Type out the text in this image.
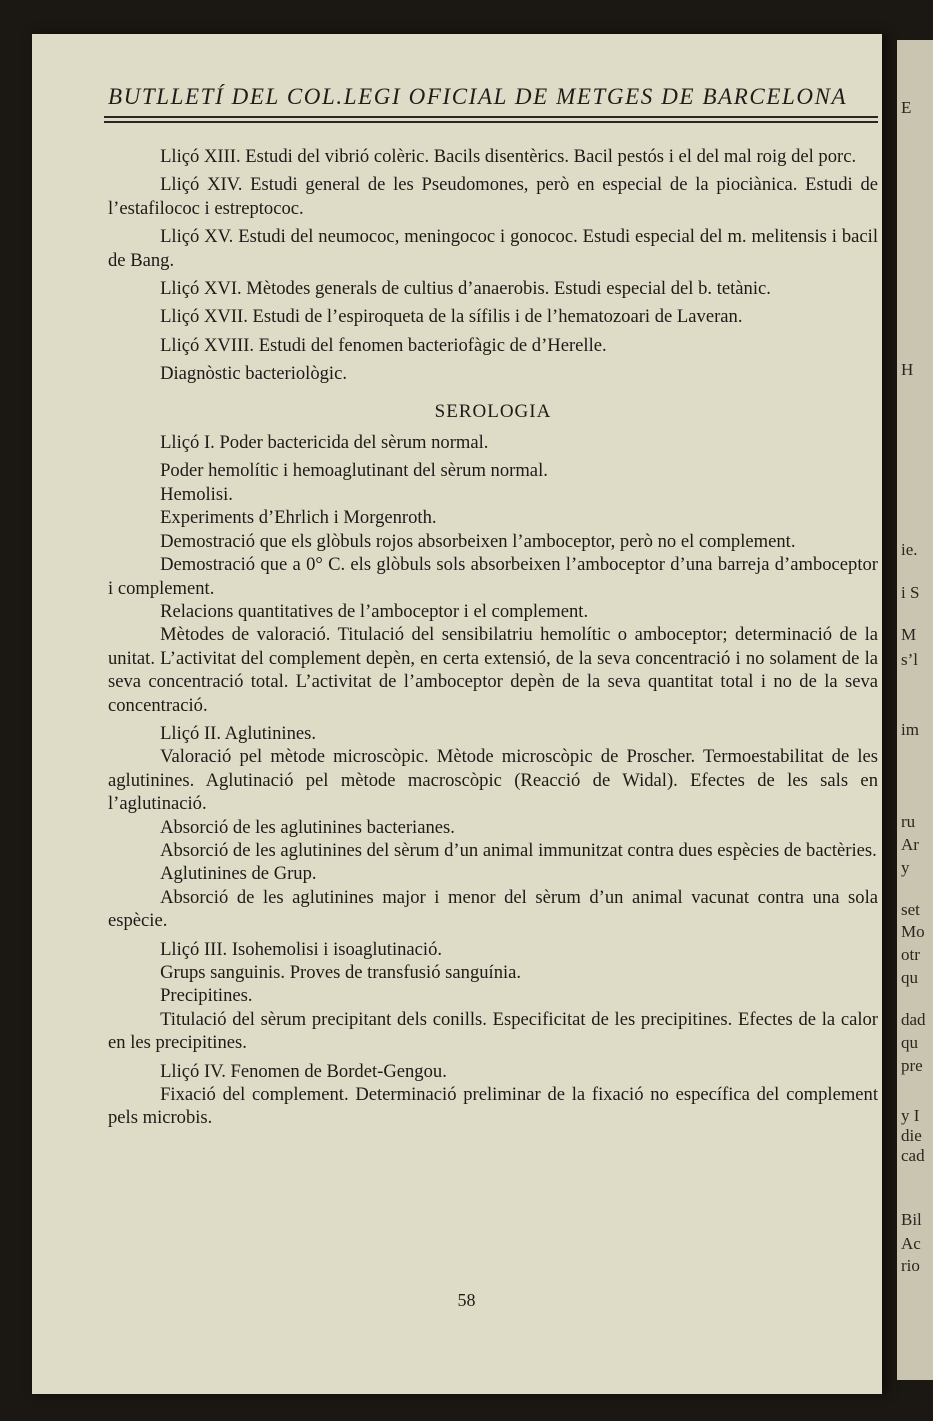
E
H
ie.
i S
M
s’l
im
ru
Ar
y
set
Mo
otr
qu
dad
qu
pre
y I
die
cad
Bil
Ac
rio
BUTLLETÍ DEL COL.LEGI OFICIAL DE METGES DE BARCELONA

Lliçó XIII. Estudi del vibrió colèric. Bacils disentèrics. Bacil pestós i el del mal roig del porc.

Lliçó XIV. Estudi general de les Pseudomones, però en especial de la piociànica. Estudi de l’estafilococ i estreptococ.

Lliçó XV. Estudi del neumococ, meningococ i gonococ. Estudi especial del m. melitensis i bacil de Bang.

Lliçó XVI. Mètodes generals de cultius d’anaerobis. Estudi especial del b. tetànic.

Lliçó XVII. Estudi de l’espiroqueta de la sífilis i de l’hematozoari de Laveran.

Lliçó XVIII. Estudi del fenomen bacteriofàgic de d’Herelle.

Diagnòstic bacteriològic.

SEROLOGIA

Lliçó I. Poder bactericida del sèrum normal.

Poder hemolític i hemoaglutinant del sèrum normal.

Hemolisi.

Experiments d’Ehrlich i Morgenroth.

Demostració que els glòbuls rojos absorbeixen l’amboceptor, però no el complement.

Demostració que a 0° C. els glòbuls sols absorbeixen l’amboceptor d’una barreja d’amboceptor i complement.

Relacions quantitatives de l’amboceptor i el complement.

Mètodes de valoració. Titulació del sensibilatriu hemolític o amboceptor; determinació de la unitat. L’activitat del complement depèn, en certa extensió, de la seva concentració i no solament de la seva concentració total. L’activitat de l’amboceptor depèn de la seva quantitat total i no de la seva concentració.

Lliçó II. Aglutinines.

Valoració pel mètode microscòpic. Mètode microscòpic de Proscher. Termoestabilitat de les aglutinines. Aglutinació pel mètode macroscòpic (Reacció de Widal). Efectes de les sals en l’aglutinació.

Absorció de les aglutinines bacterianes.

Absorció de les aglutinines del sèrum d’un animal immunitzat contra dues espècies de bactèries.

Aglutinines de Grup.

Absorció de les aglutinines major i menor del sèrum d’un animal vacunat contra una sola espècie.

Lliçó III. Isohemolisi i isoaglutinació.

Grups sanguinis. Proves de transfusió sanguínia.

Precipitines.

Titulació del sèrum precipitant dels conills. Especificitat de les precipitines. Efectes de la calor en les precipitines.

Lliçó IV. Fenomen de Bordet-Gengou.

Fixació del complement. Determinació preliminar de la fixació no específica del complement pels microbis.

58
